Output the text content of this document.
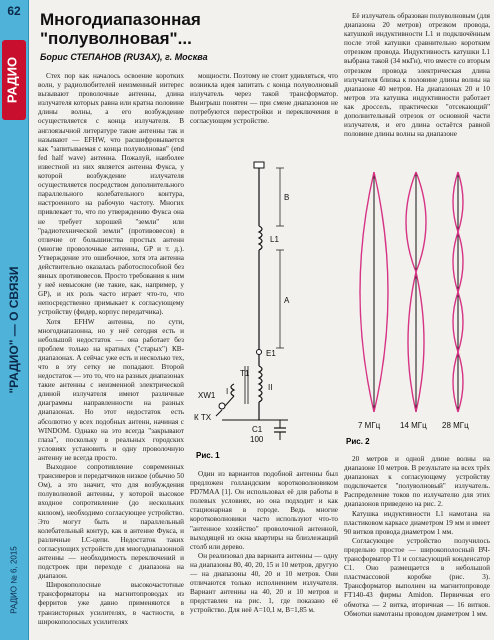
62
РАДИО
"РАДИО" — О СВЯЗИ
РАДИО № 6, 2015
Многодиапазонная "полуволновая"...
Борис СТЕПАНОВ (RU3AX), г. Москва

Стех пор как началось освоение коротких волн, у радиолюбителей неизменный интерес вызывают проволочные антенны, длина излучателя которых равна или кратна половине длины волны, а его возбуждение осуществляется с конца излучателя. В англоязычной литературе такие антенны так и называют — EFHW, что расшифровывается как "запитываемая с конца полуволновая" (end fed half wave) антенна. Пожалуй, наиболее известной из них является антенна Фукса, у которой возбуждение излучателя осуществляется посредством дополнительного параллельного колебательного контура, настроенного на рабочую частоту. Многих привлекает то, что по утверждению Фукса она не требует хорошей "земли" или "радиотехнической земли" (противовесов) в отличие от большинства простых антенн (многие проволочные антенны, GP и т. д.). Утверждение это ошибочное, хотя эта антенна действительно оказалась работоспособной без явных противовесов. Просто требования к ним у неё невысокие (не такие, как, например, у GP), и их роль часто играет что-то, что непосредственно примыкает к согласующему устройству (фидер, корпус передатчика).

Хотя EFHW антенна, по сути, многодиапазонна, но у неё сегодня есть и небольшой недостаток — она работает без проблем только на кратных ("старых") КВ-диапазонах. А сейчас уже есть и несколько тех, что в эту сетку не попадают. Второй недостаток — это то, что на разных диапазонах такие антенны с неизменной электрической длиной излучателя имеют различные диаграммы направленности на разных диапазонах. Но этот недостаток есть абсолютно у всех подобных антенн, начиная с WINDOM. Однако на это всегда "закрывают глаза", поскольку в реальных городских условиях установить и одну проволочную антенну не всегда просто.

Выходное сопротивление современных трансиверов и передатчиков низкое (обычно 50 Ом), а это значит, что для возбуждения полуволновой антенны, у которой высокое входное сопротивление (до нескольких килоом), необходимо согласующее устройство. Это могут быть и параллельный колебательный контур, как в антенне Фукса, и различные LC-цепи. Недостаток таких согласующих устройств для многодиапазонной антенны — необходимость переключений и подстроек при переходе с диапазона на диапазон.

Широкополосные высокочастотные трансформаторы на магнитопроводах из ферритов уже давно применяются в транзисторных усилителях, в частности, в широкополосных усилителях

мощности. Поэтому не стоит удивляться, что возникла идея запитать с конца полуволновый излучатель через такой трансформатор. Выигрыш понятен — при смене диапазонов не потребуются перестройки и переключения в согласующем устройстве.

Её излучатель образован полуволновым (для диапазона 20 метров) отрезком провода, катушкой индуктивности L1 и подключённым после этой катушки сравнительно коротким отрезком провода. Индуктивность катушки L1 выбрана такой (34 мкГн), что вместе со вторым отрезком провода электрическая длина излучателя близка к половине длины волны на диапазоне 40 метров. На диапазонах 20 и 10 метров эта катушка индуктивности работает как дроссель, практически "отсекающий" дополнительный отрезок от основной части излучателя, и его длина остаётся равной половине длины волны на диапазоне

B
L1
A
E1
T1
I	II
XW1
К TX
C1
100
Рис. 1
7 МГц 14 МГц 28 МГц
Рис. 2

Один из вариантов подобной антенны был предложен голландским коротковолновиком PD7MAA [1]. Он использовал её для работы в полевых условиях, но она подходит и как стационарная в городе. Ведь многие коротковолновики часто используют что-то "антенное хозяйство" проволочной антенной, выходящей из окна квартиры на близлежащий столб или дерево.

Он реализовал два варианта антенны — одну на диапазоны 80, 40, 20, 15 и 10 метров, другую — на диапазоны 40, 20 и 10 метров. Они отличаются только исполнением излучателя. Вариант антенны на 40, 20 и 10 метров и представлен на рис. 1, где показано её устройство. Для неё A=10,1 м, B=1,85 м.

20 метров и одной длине волны на диапазоне 10 метров. В результате на всех трёх диапазонах к согласующему устройству подключается "полуволновый" излучатель. Распределение токов по излучателю для этих диапазонов приведено на рис. 2.

Катушка индуктивности L1 намотана на пластиковом каркасе диаметром 19 мм и имеет 90 витков провода диаметром 1 мм.

Согласующее устройство получилось предельно простое — широкополосный ВЧ-трансформатор T1 и согласующий конденсатор C1. Оно размещается в небольшой пластмассовой коробке (рис. 3). Трансформатор выполнен на магнитопроводе FT140-43 фирмы Amidon. Первичная его обмотка — 2 витка, вторичная — 16 витков. Обмотки намотаны проводом диаметром 1 мм.
